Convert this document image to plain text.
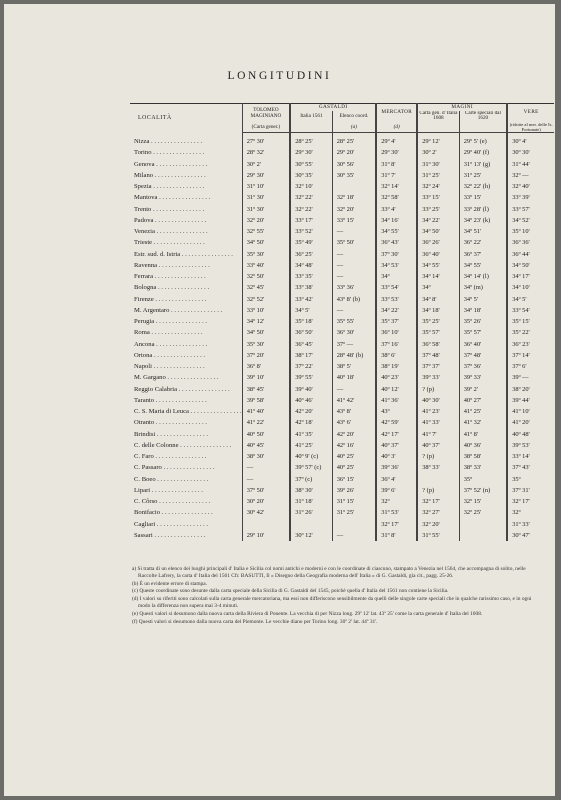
LONGITUDINI
LOCALITÀ	TOLOMEO MAGINIANO	GASTALDI		MERCATOR	MAGINI		VERE
		Italia 1561	Elenco coord.		Carta gen. d' Italia 1608	Carte speciali dal 1620	
	(Carta gener.)		(a)	(d)			(ridotte al mer. delle Is. Fortunate)
Nizza . . . . . . . . . . . . . . . .	27º 30'	28º 25'	28º 25'	29º 4'	29º 12'	29º 5' (e)	30º 4'
Torino . . . . . . . . . . . . . . . .	28º 32'	29º 30'	29º 20'	29º 30'	30º 2'	29º 40' (f)	30º 30'
Genova . . . . . . . . . . . . . . . .	30º 2'	30º 55'	30º 56'	31º 8'	31º 30'	31º 13' (g)	31º 44'
Milano . . . . . . . . . . . . . . . .	29º 30'	30º 35'	30º 35'	31º 7'	31º 25'	31º 25'	32º —
Spezia . . . . . . . . . . . . . . . .	31º 10'	32º 10'		32º 14'	32º 24'	32º 22' (h)	32º 40'
Mantova . . . . . . . . . . . . . . . .	31º 30'	32º 22'	32º 18'	32º 58'	33º 15'	33º 15'	33º 39'
Trento . . . . . . . . . . . . . . . .	31º 30'	32º 22'	32º 20'	33º 4'	33º 25'	33º 28' (l)	33º 57'
Padova . . . . . . . . . . . . . . . .	32º 20'	33º 17'	33º 15'	34º 16'	34º 22'	34º 23' (k)	34º 52'
Venezia . . . . . . . . . . . . . . . .	32º 55'	33º 52'	—	34º 55'	34º 50'	34º 51'	35º 10'
Trieste . . . . . . . . . . . . . . . .	34º 50'	35º 49'	35º 50'	36º 43'	36º 26'	36º 22'	36º 36'
Estr. sud. d. Istria . . . . . . . . . . . . . . . .	35º 30'	36º 25'	—	37º 30'	36º 40'	36º 37'	36º 44'
Ravenna . . . . . . . . . . . . . . . .	33º 40'	34º 48'	—	34º 53'	34º 55'	34º 55'	34º 50'
Ferrara . . . . . . . . . . . . . . . .	32º 50'	33º 35'	—	34º	34º 14'	34º 14' (l)	34º 17'
Bologna . . . . . . . . . . . . . . . .	32º 45'	33º 38'	33º 36'	33º 54'	34º	34º (m)	34º 10'
Firenze . . . . . . . . . . . . . . . .	32º 52'	33º 42'	43º 8' (b)	33º 53'	34º 8'	34º 5'	34º 5'
M. Argentaro . . . . . . . . . . . . . . . .	33º 10'	34º 5'	—	34º 22'	34º 18'	34º 18'	33º 54'
Perugia . . . . . . . . . . . . . . . .	34º 12'	35º 18'	35º 55'	35º 37'	35º 25'	35º 26'	35º 15'
Roma . . . . . . . . . . . . . . . .	34º 50'	36º 50'	36º 30'	36º 10'	35º 57'	35º 57'	35º 22'
Ancona . . . . . . . . . . . . . . . .	35º 30'	36º 45'	37º —	37º 16'	36º 58'	36º 40'	36º 23'
Ortona . . . . . . . . . . . . . . . .	37º 20'	38º 17'	28º 48' (b)	38º 6'	37º 48'	37º 48'	37º 14'
Napoli . . . . . . . . . . . . . . . .	36º 8'	37º 22'	38º 5'	38º 19'	37º 37'	37º 36'	37º 6'
M. Gargano . . . . . . . . . . . . . . . .	39º 10'	39º 55'	40º 18'	40º 23'	39º 33'	39º 33'	39º —
Reggio Calabria . . . . . . . . . . . . . . . .	38º 45'	39º 40'	—	40º 12'	? (p)	39º 2'	38º 20'
Taranto . . . . . . . . . . . . . . . .	39º 58'	40º 46'	41º 42'	41º 36'	40º 30'	40º 27'	39º 44'
C. S. Maria di Leuca . . . . . . . . . . . . . . . .	41º 40'	42º 20'	43º 8'	43º	41º 23'	41º 25'	41º 10'
Otranto . . . . . . . . . . . . . . . .	41º 22'	42º 18'	43º 6'	42º 59'	41º 33'	41º 32'	41º 20'
Brindisi . . . . . . . . . . . . . . . .	40º 50'	41º 35'	42º 20'	42º 17'	41º 7'	41º 8'	40º 48'
C. delle Colonne . . . . . . . . . . . . . . . .	40º 45'	41º 25'	42º 16'	40º 37'	40º 37'	40º 36'	39º 53'
C. Faro . . . . . . . . . . . . . . . .	38º 30'	40º 9' (c)	40º 25'	40º 3'	? (p)	38º 58'	33º 14'
C. Passaro . . . . . . . . . . . . . . . .	—	39º 57' (c)	40º 25'	39º 36'	38º 33'	38º 33'	37º 43'
C. Boeo . . . . . . . . . . . . . . . .	—	37º (c)	36º 15'	36º 4'		35º	35º
Lipari . . . . . . . . . . . . . . . .	37º 50'	38º 30'	39º 26'	39º 6'	? (p)	37º 52' (n)	37º 31'
C. Côrso . . . . . . . . . . . . . . . .	30º 20'	31º 18'	31º 15'	32º	32º 17'	32º 15'	32º 17'
Bonifacio . . . . . . . . . . . . . . . .	30º 42'	31º 26'	31º 25'	31º 53'	32º 27'	32º 25'	32º
Cagliari . . . . . . . . . . . . . . . .				32º 17'	32º 20'		31º 33'
Sassari . . . . . . . . . . . . . . . .	29º 10'	30º 12'	—	31º 8'	31º 55'		30º 47'

a) Si tratta di un elenco dei luoghi principali d' Italia e Sicilia col nomi antichi e moderni e con le coordinate di ciascuno, stampato a Venezia nel 1564, che accompagna di solito, nelle Raccolte Lafrery, la carta d' Italia del 1561 Cfr. BASUTTI, Il « Disegno della Geografia moderna dell' Italia » di G. Gastaldi, gia cit., pagg. 25-26.

(b) È un evidente errore di stampa.

(c) Queste coordinate sono desunte dalla carta speciale della Sicilia di G. Gastaldi del 1545, poichè quella d' Italia del 1561 non contiene la Sicilia.

(d) I valori su riferiti sono calcolati sulla carta generale mercatoriana, ma essi non differiscono sensibilmente da quelli delle singole carte speciali che in qualche rarissimo caso, e in ogni modo la differenza non supera mai 3-4 minuti.

(e) Questi valori si desumono dalla nuova carta della Riviera di Ponente. La vecchia di per Nizza long. 29º 12' lat. 43º 25' come la carta generale d' Italia del 1608.

(f) Questi valori si desumono dalla nuova carta del Piemonte. Le vecchie diano per Torino long. 30º 2' lat. 44º 31'.
